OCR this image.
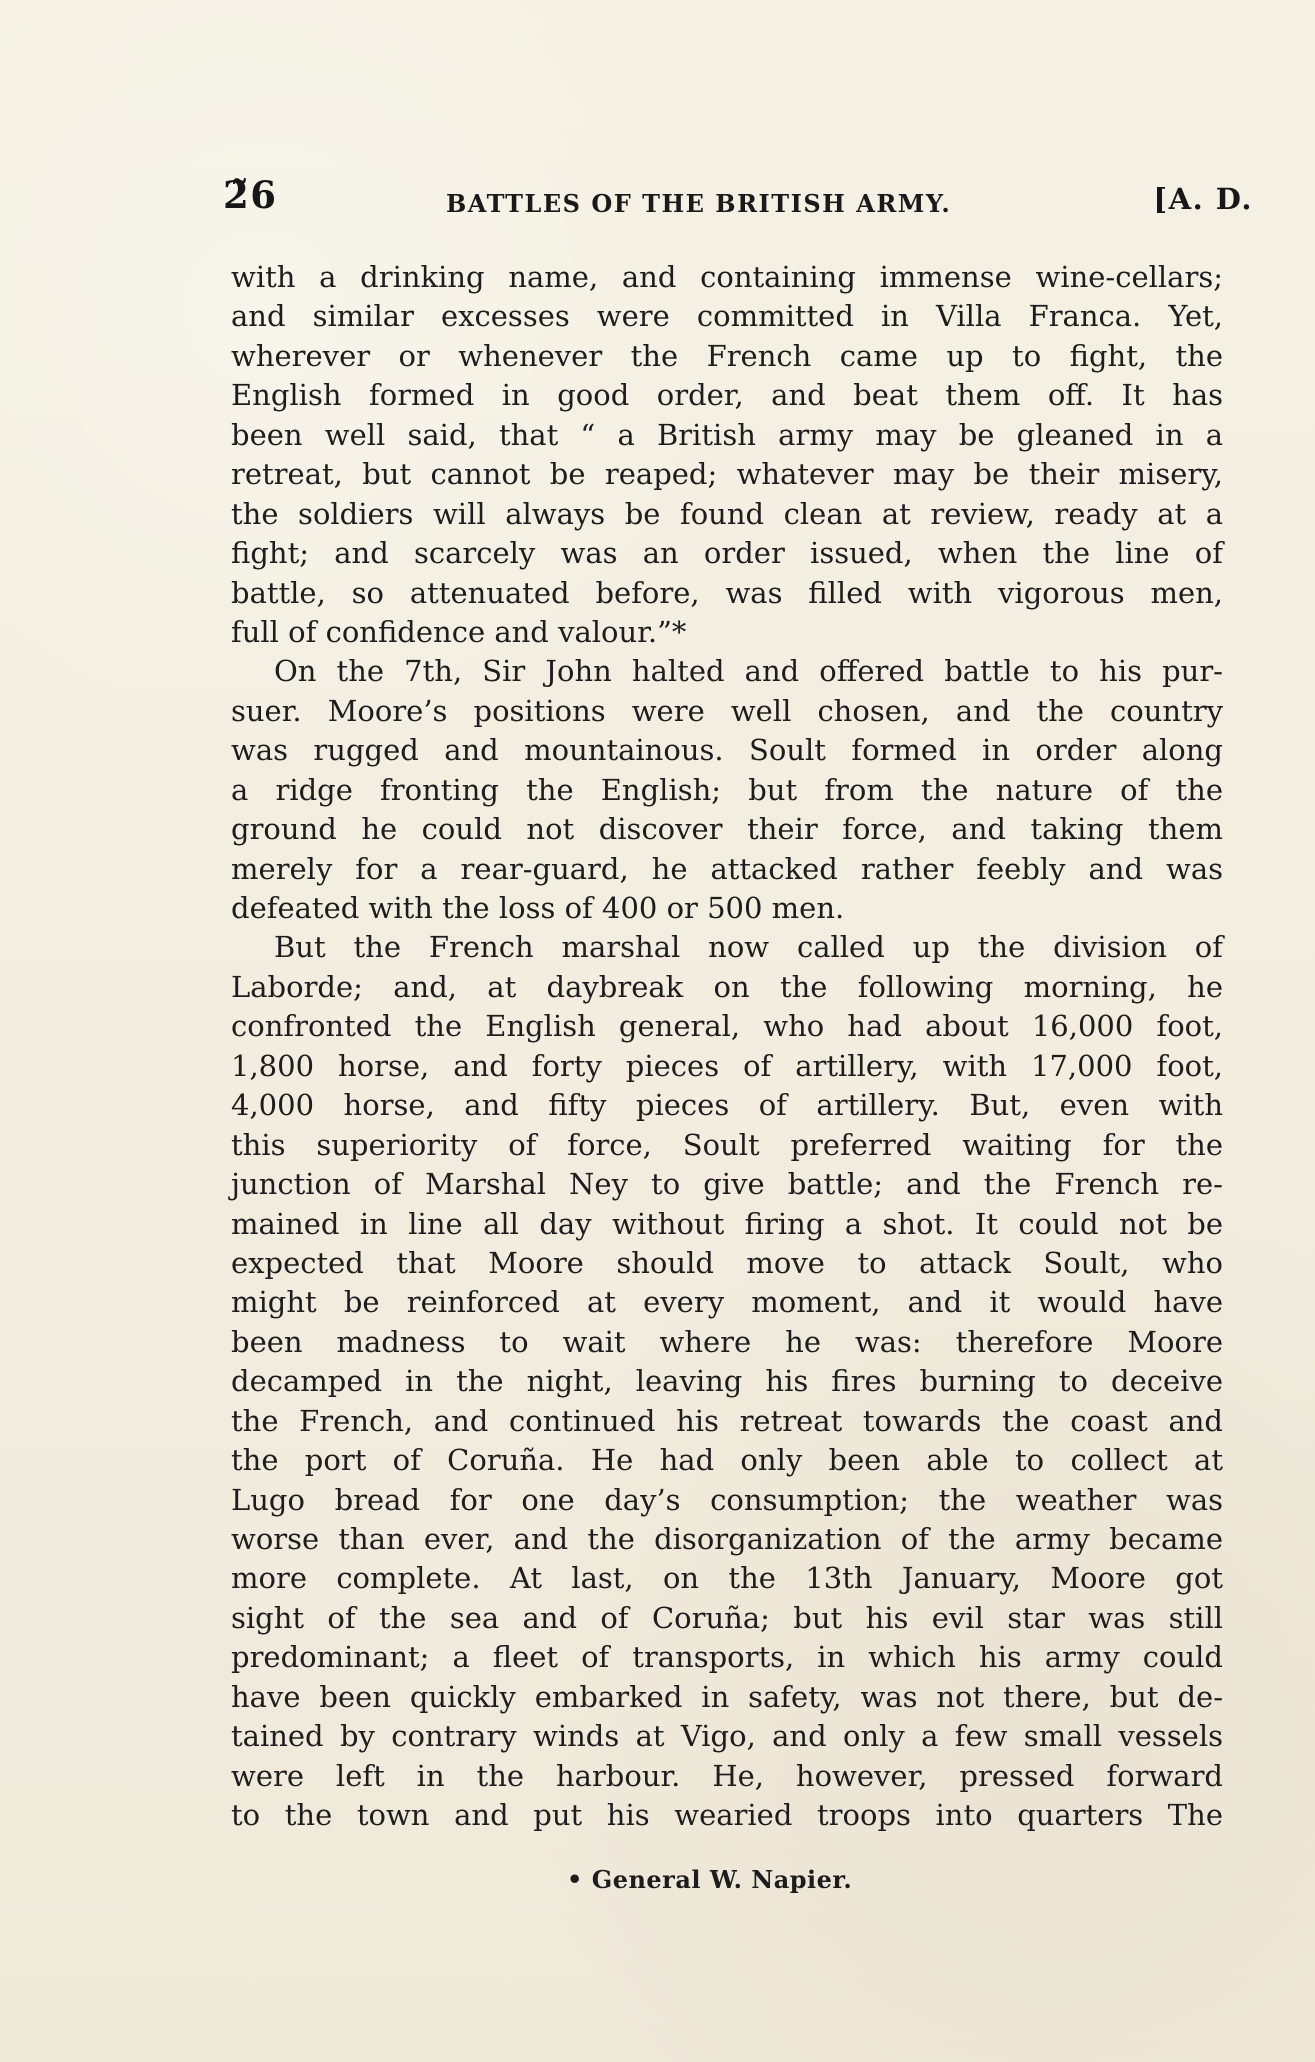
2̃6	BATTLES OF THE BRITISH ARMY.	[A. D.
with a drinking name, and containing immense wine-cellars;
and similar excesses were committed in Villa Franca. Yet,
wherever or whenever the French came up to fight, the
English formed in good order, and beat them off. It has
been well said, that “ a British army may be gleaned in a
retreat, but cannot be reaped; whatever may be their misery,
the soldiers will always be found clean at review, ready at a
fight; and scarcely was an order issued, when the line of
battle, so attenuated before, was filled with vigorous men,
full of confidence and valour.”*
On the 7th, Sir John halted and offered battle to his pur-
suer. Moore’s positions were well chosen, and the country
was rugged and mountainous. Soult formed in order along
a ridge fronting the English; but from the nature of the
ground he could not discover their force, and taking them
merely for a rear-guard, he attacked rather feebly and was
defeated with the loss of 400 or 500 men.
But the French marshal now called up the division of
Laborde; and, at daybreak on the following morning, he
confronted the English general, who had about 16,000 foot,
1,800 horse, and forty pieces of artillery, with 17,000 foot,
4,000 horse, and fifty pieces of artillery. But, even with
this superiority of force, Soult preferred waiting for the
junction of Marshal Ney to give battle; and the French re-
mained in line all day without firing a shot. It could not be
expected that Moore should move to attack Soult, who
might be reinforced at every moment, and it would have
been madness to wait where he was: therefore Moore
decamped in the night, leaving his fires burning to deceive
the French, and continued his retreat towards the coast and
the port of Coruña. He had only been able to collect at
Lugo bread for one day’s consumption; the weather was
worse than ever, and the disorganization of the army became
more complete. At last, on the 13th January, Moore got
sight of the sea and of Coruña; but his evil star was still
predominant; a fleet of transports, in which his army could
have been quickly embarked in safety, was not there, but de-
tained by contrary winds at Vigo, and only a few small vessels
were left in the harbour. He, however, pressed forward
to the town and put his wearied troops into quarters The
• General W. Napier.
